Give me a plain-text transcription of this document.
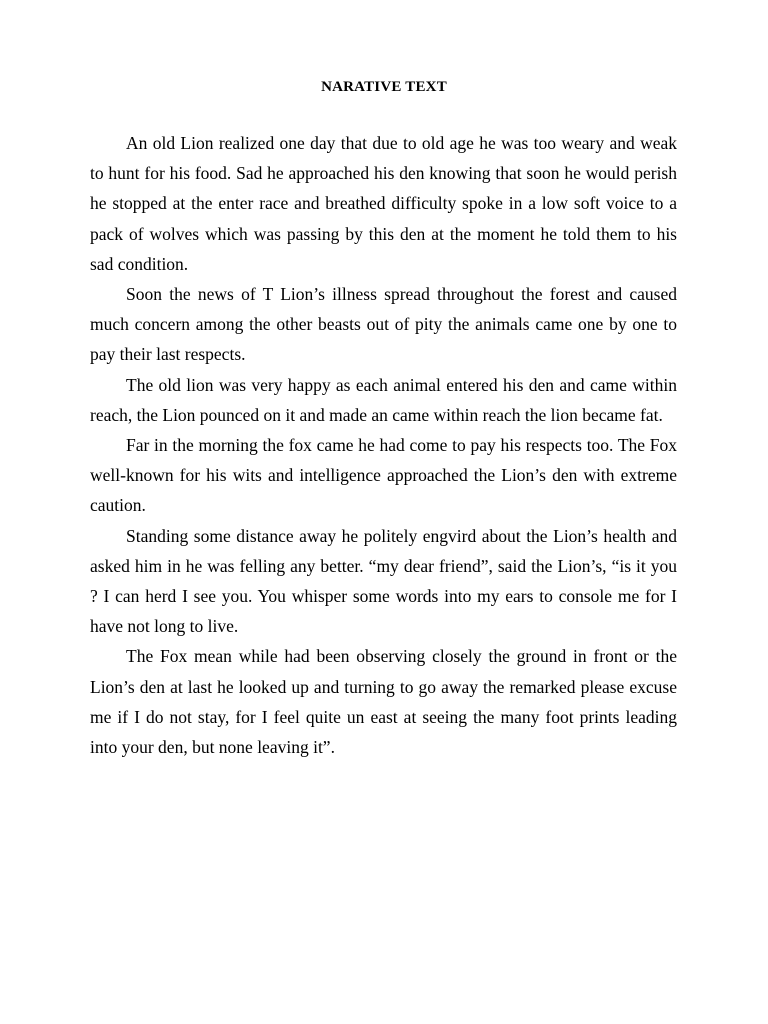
NARATIVE TEXT

An old Lion realized one day that due to old age he was too weary and weak to hunt for his food. Sad he approached his den knowing that soon he would perish he stopped at the enter race and breathed difficulty spoke in a low soft voice to a pack of wolves which was passing by this den at the moment he told them to his sad condition.

Soon the news of T Lion’s illness spread throughout the forest and caused much concern among the other beasts out of pity the animals came one by one to pay their last respects.

The old lion was very happy as each animal entered his den and came within reach, the Lion pounced on it and made an came within reach the lion became fat.

Far in the morning the fox came he had come to pay his respects too. The Fox well-known for his wits and intelligence approached the Lion’s den with extreme caution.

Standing some distance away he politely engvird about the Lion’s health and asked him in he was felling any better. “my dear friend”, said the Lion’s, “is it you ? I can herd I see you. You whisper some words into my ears to console me for I have not long to live.

The Fox mean while had been observing closely the ground in front or the Lion’s den at last he looked up and turning to go away the remarked please excuse me if I do not stay, for I feel quite un east at seeing the many foot prints leading into your den, but none leaving it”.
